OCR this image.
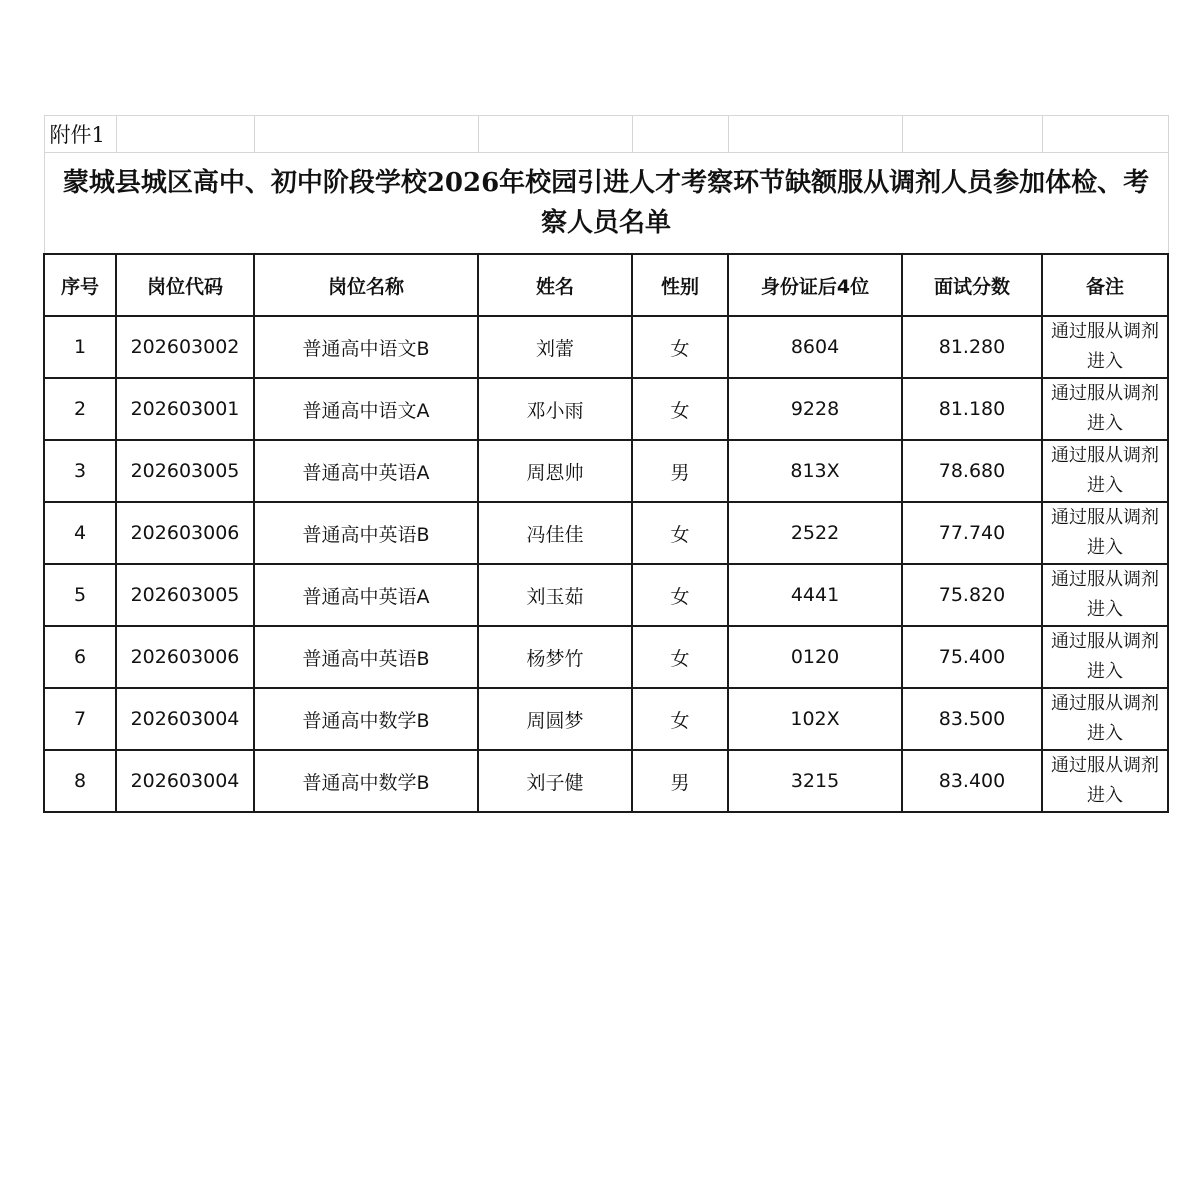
附件1							
蒙城县城区高中、初中阶段学校2026年校园引进人才考察环节缺额服从调剂人员参加体检、考察人员名单							
序号	岗位代码	岗位名称	姓名	性别	身份证后4位	面试分数	备注
1	202603002	普通高中语文B	刘蕾	女	8604	81.280	通过服从调剂进入
2	202603001	普通高中语文A	邓小雨	女	9228	81.180	通过服从调剂进入
3	202603005	普通高中英语A	周恩帅	男	813X	78.680	通过服从调剂进入
4	202603006	普通高中英语B	冯佳佳	女	2522	77.740	通过服从调剂进入
5	202603005	普通高中英语A	刘玉茹	女	4441	75.820	通过服从调剂进入
6	202603006	普通高中英语B	杨梦竹	女	0120	75.400	通过服从调剂进入
7	202603004	普通高中数学B	周圆梦	女	102X	83.500	通过服从调剂进入
8	202603004	普通高中数学B	刘子健	男	3215	83.400	通过服从调剂进入
